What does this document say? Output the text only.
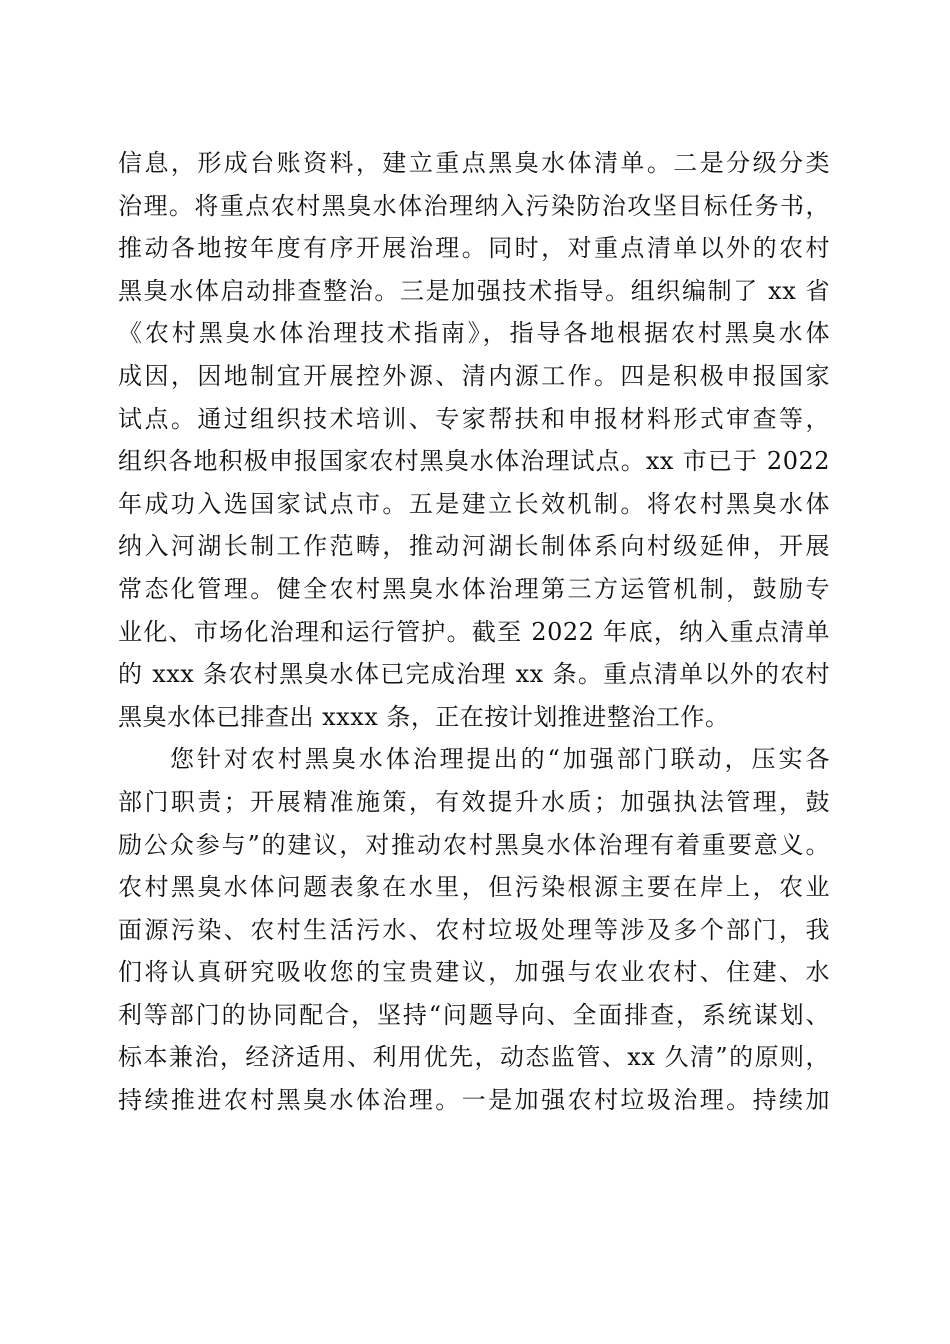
信息，形成台账资料，建立重点黑臭水体清单。二是分级分类
治理。将重点农村黑臭水体治理纳入污染防治攻坚目标任务书，
推动各地按年度有序开展治理。同时，对重点清单以外的农村
黑臭水体启动排查整治。三是加强技术指导。组织编制了 xx 省
《农村黑臭水体治理技术指南》，指导各地根据农村黑臭水体
成因，因地制宜开展控外源、清内源工作。四是积极申报国家
试点。通过组织技术培训、专家帮扶和申报材料形式审查等，
组织各地积极申报国家农村黑臭水体治理试点。xx 市已于 2022
年成功入选国家试点市。五是建立长效机制。将农村黑臭水体
纳入河湖长制工作范畴，推动河湖长制体系向村级延伸，开展
常态化管理。健全农村黑臭水体治理第三方运管机制，鼓励专
业化、市场化治理和运行管护。截至 2022 年底，纳入重点清单
的 xxx 条农村黑臭水体已完成治理 xx 条。重点清单以外的农村
黑臭水体已排查出 xxxx 条，正在按计划推进整治工作。
您针对农村黑臭水体治理提出的“加强部门联动，压实各
部门职责；开展精准施策，有效提升水质；加强执法管理，鼓
励公众参与”的建议，对推动农村黑臭水体治理有着重要意义。
农村黑臭水体问题表象在水里，但污染根源主要在岸上，农业
面源污染、农村生活污水、农村垃圾处理等涉及多个部门，我
们将认真研究吸收您的宝贵建议，加强与农业农村、住建、水
利等部门的协同配合，坚持“问题导向、全面排查，系统谋划、
标本兼治，经济适用、利用优先，动态监管、xx 久清”的原则，
持续推进农村黑臭水体治理。一是加强农村垃圾治理。持续加
